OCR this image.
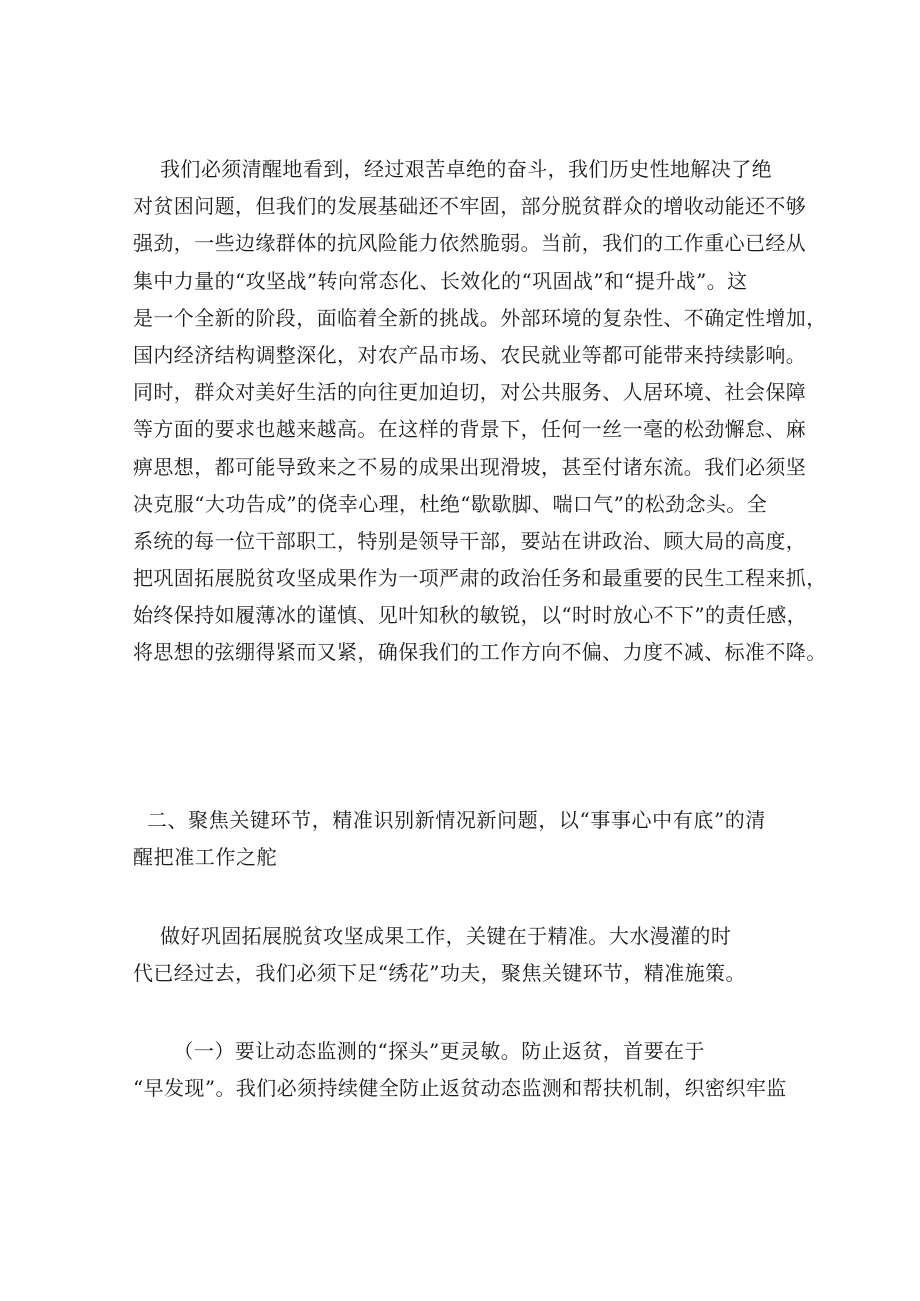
我们必须清醒地看到，经过艰苦卓绝的奋斗，我们历史性地解决了绝
对贫困问题，但我们的发展基础还不牢固，部分脱贫群众的增收动能还不够
强劲，一些边缘群体的抗风险能力依然脆弱。当前，我们的工作重心已经从
集中力量的“攻坚战”转向常态化、长效化的“巩固战”和“提升战”。这
是一个全新的阶段，面临着全新的挑战。外部环境的复杂性、不确定性增加，
国内经济结构调整深化，对农产品市场、农民就业等都可能带来持续影响。
同时，群众对美好生活的向往更加迫切，对公共服务、人居环境、社会保障
等方面的要求也越来越高。在这样的背景下，任何一丝一毫的松劲懈怠、麻
痹思想，都可能导致来之不易的成果出现滑坡，甚至付诸东流。我们必须坚
决克服“大功告成”的侥幸心理，杜绝“歇歇脚、喘口气”的松劲念头。全
系统的每一位干部职工，特别是领导干部，要站在讲政治、顾大局的高度，
把巩固拓展脱贫攻坚成果作为一项严肃的政治任务和最重要的民生工程来抓，
始终保持如履薄冰的谨慎、见叶知秋的敏锐，以“时时放心不下”的责任感，
将思想的弦绷得紧而又紧，确保我们的工作方向不偏、力度不减、标准不降。
二、聚焦关键环节，精准识别新情况新问题，以“事事心中有底”的清
醒把准工作之舵
做好巩固拓展脱贫攻坚成果工作，关键在于精准。大水漫灌的时
代已经过去，我们必须下足“绣花”功夫，聚焦关键环节，精准施策。
（一）要让动态监测的“探头”更灵敏。防止返贫，首要在于
“早发现”。我们必须持续健全防止返贫动态监测和帮扶机制，织密织牢监
